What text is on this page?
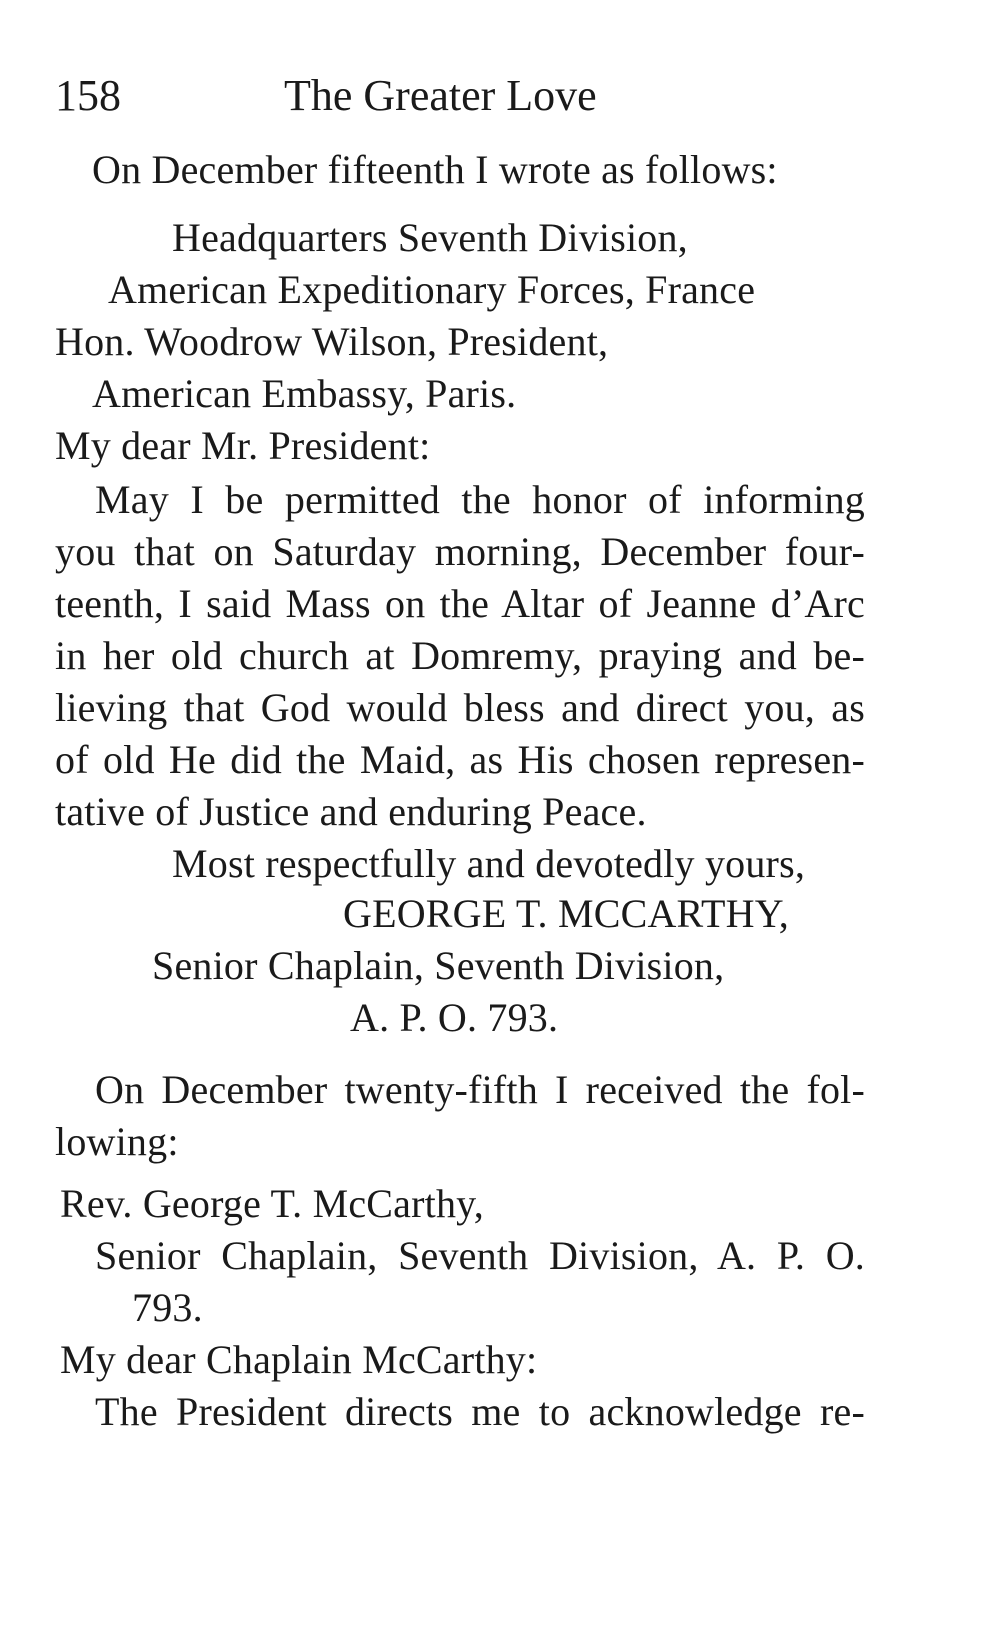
158	The Greater Love
On December fifteenth I wrote as follows:
Headquarters Seventh Division,
American Expeditionary Forces, France
Hon. Woodrow Wilson, President,
American Embassy, Paris.
My dear Mr. President:
May I be permitted the honor of informing
you that on Saturday morning, December four-
teenth, I said Mass on the Altar of Jeanne d’Arc
in her old church at Domremy, praying and be-
lieving that God would bless and direct you, as
of old He did the Maid, as His chosen represen-
tative of Justice and enduring Peace.
Most respectfully and devotedly yours,
GEORGE T. MCCARTHY,
Senior Chaplain, Seventh Division,
A. P. O. 793.
On December twenty-fifth I received the fol-
lowing:
Rev. George T. McCarthy,
Senior Chaplain, Seventh Division, A. P. O.
793.
My dear Chaplain McCarthy:
The President directs me to acknowledge re-
